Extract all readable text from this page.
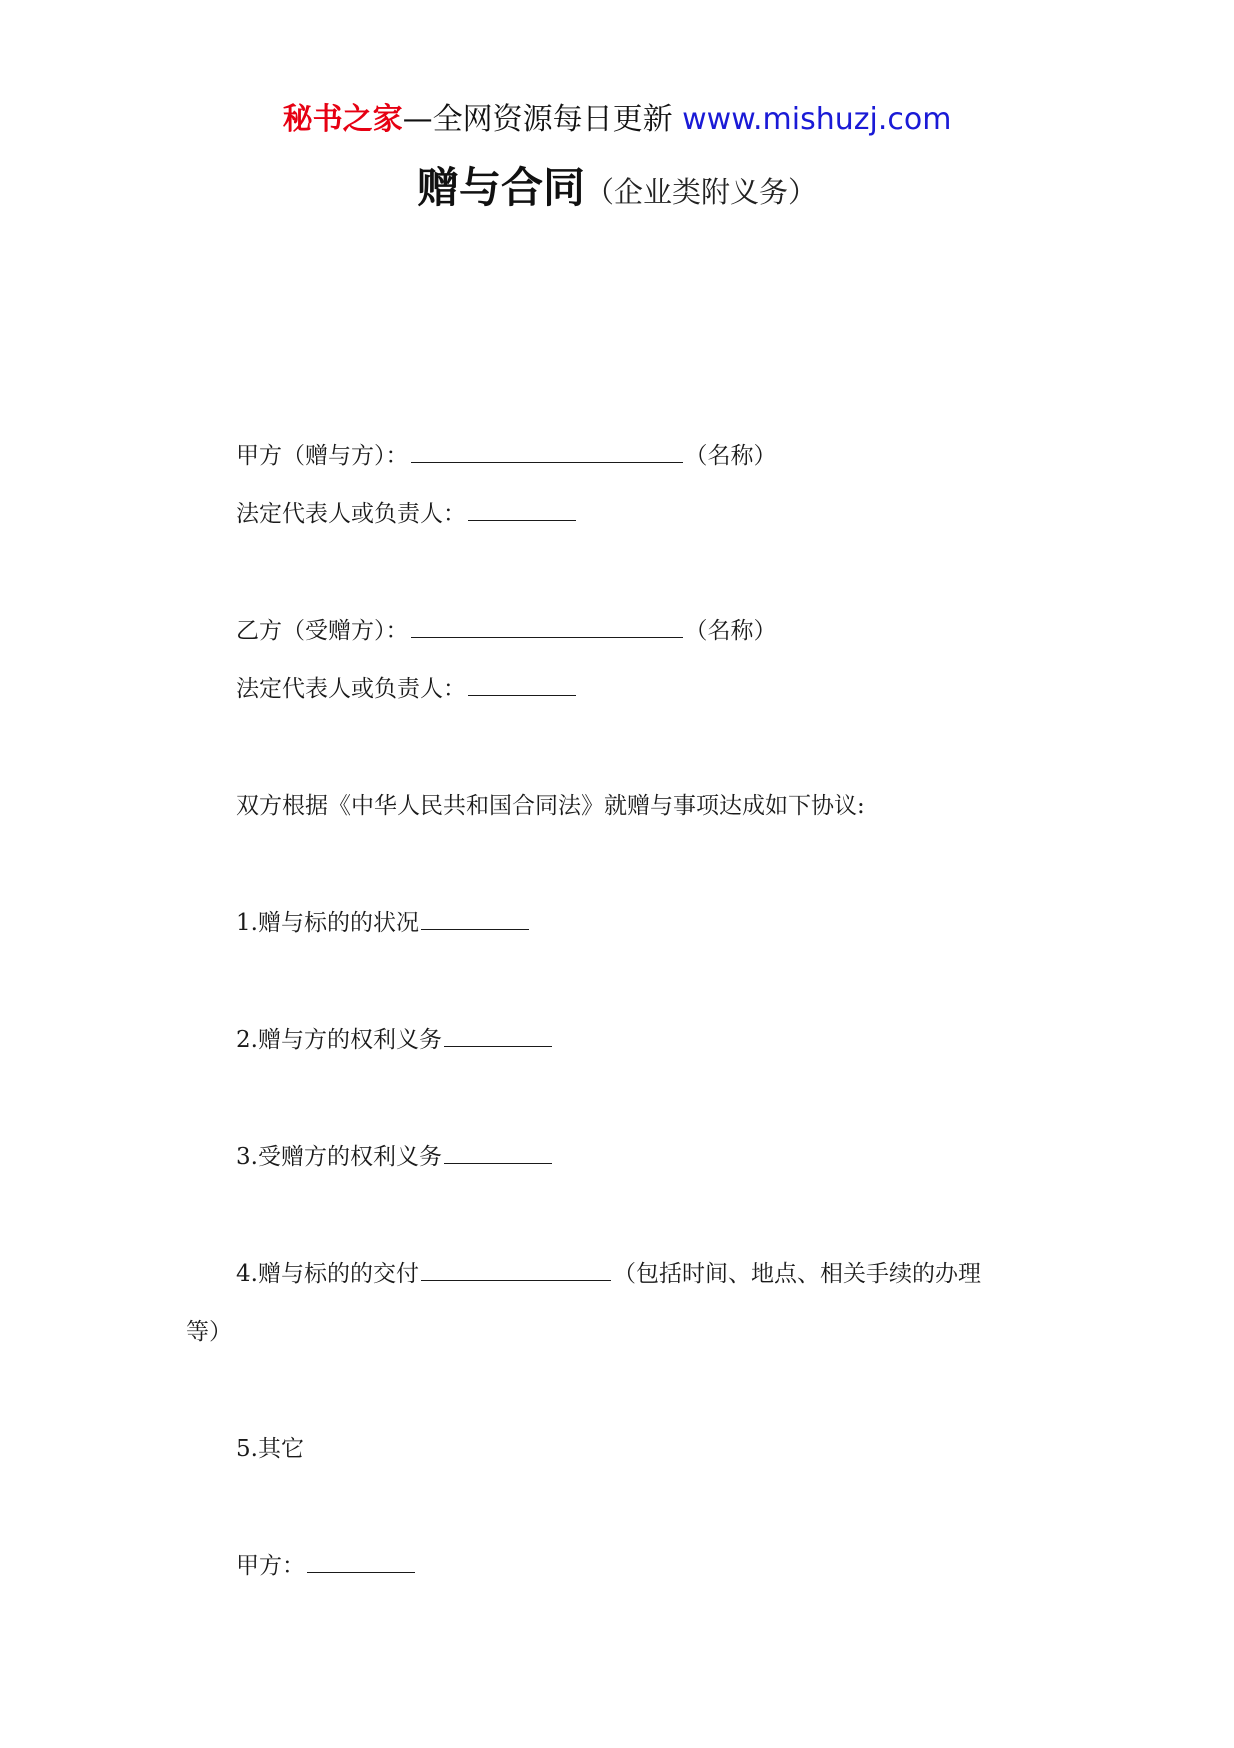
秘书之家—全网资源每日更新 www.mishuzj.com
赠与合同（企业类附义务）
甲方（赠与方）：	（名称）
法定代表人或负责人：
乙方（受赠方）：	（名称）
法定代表人或负责人：
双方根据《中华人民共和国合同法》就赠与事项达成如下协议:
1.赠与标的的状况
2.赠与方的权利义务
3.受赠方的权利义务
4.赠与标的的交付	（包括时间、地点、相关手续的办理
等）
5.其它
甲方：
